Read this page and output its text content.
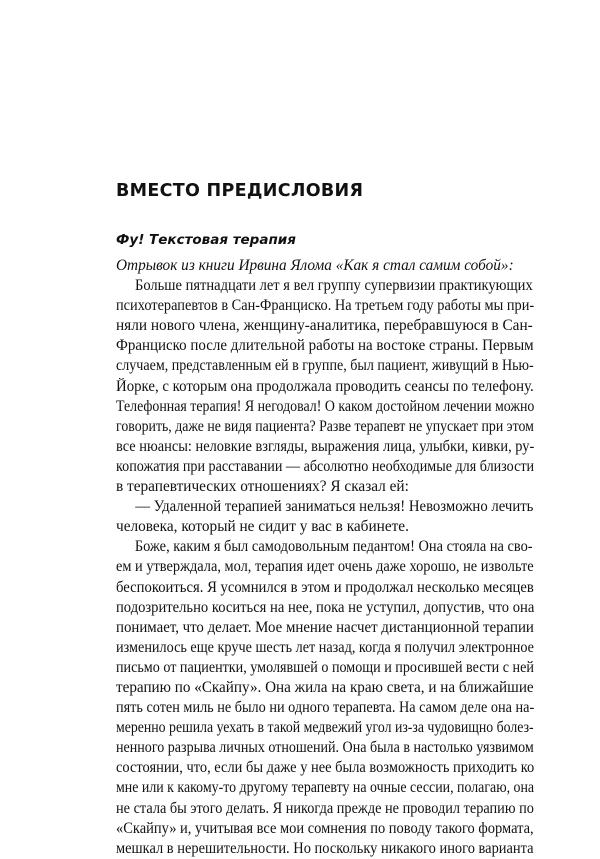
ВМЕСТО ПРЕДИСЛОВИЯ
Фу! Текстовая терапия
Отрывок из книги Ирвина Ялома «Как я стал самим собой»:
Больше пятнадцати лет я вел группу супервизии практикующих
психотерапевтов в Сан-Франциско. На третьем году работы мы при-
няли нового члена, женщину-аналитика, перебравшуюся в Сан-
Франциско после длительной работы на востоке страны. Первым
случаем, представленным ей в группе, был пациент, живущий в Нью-
Йорке, с которым она продолжала проводить сеансы по телефону.
Телефонная терапия! Я негодовал! О каком достойном лечении можно
говорить, даже не видя пациента? Разве терапевт не упускает при этом
все нюансы: неловкие взгляды, выражения лица, улыбки, кивки, ру-
копожатия при расставании — абсолютно необходимые для близости
в терапевтических отношениях? Я сказал ей:
— Удаленной терапией заниматься нельзя! Невозможно лечить
человека, который не сидит у вас в кабинете.
Боже, каким я был самодовольным педантом! Она стояла на сво-
ем и утверждала, мол, терапия идет очень даже хорошо, не извольте
беспокоиться. Я усомнился в этом и продолжал несколько месяцев
подозрительно коситься на нее, пока не уступил, допустив, что она
понимает, что делает. Мое мнение насчет дистанционной терапии
изменилось еще круче шесть лет назад, когда я получил электронное
письмо от пациентки, умолявшей о помощи и просившей вести с ней
терапию по «Скайпу». Она жила на краю света, и на ближайшие
пять сотен миль не было ни одного терапевта. На самом деле она на-
меренно решила уехать в такой медвежий угол из-за чудовищно болез-
ненного разрыва личных отношений. Она была в настолько уязвимом
состоянии, что, если бы даже у нее была возможность приходить ко
мне или к какому-то другому терапевту на очные сессии, полагаю, она
не стала бы этого делать. Я никогда прежде не проводил терапию по
«Скайпу» и, учитывая все мои сомнения по поводу такого формата,
мешкал в нерешительности. Но поскольку никакого иного варианта
